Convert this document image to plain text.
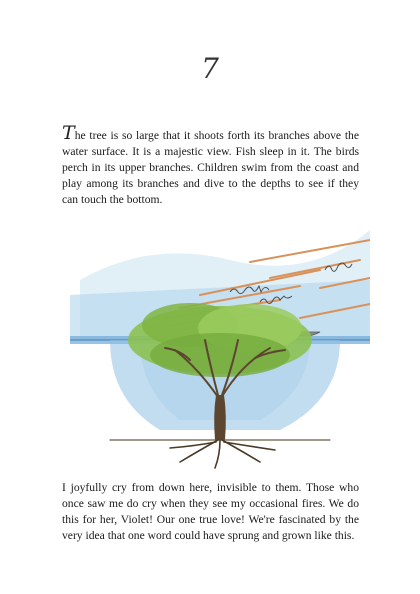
7

The tree is so large that it shoots forth its branches above the water surface. It is a majestic view. Fish sleep in it. The birds perch in its upper branches. Children swim from the coast and play among its branches and dive to the depths to see if they can touch the bottom.

I joyfully cry from down here, invisible to them. Those who once saw me do cry when they see my occasional fires. We do this for her, Violet! Our one true love! We're fascinated by the very idea that one word could have sprung and grown like this.
